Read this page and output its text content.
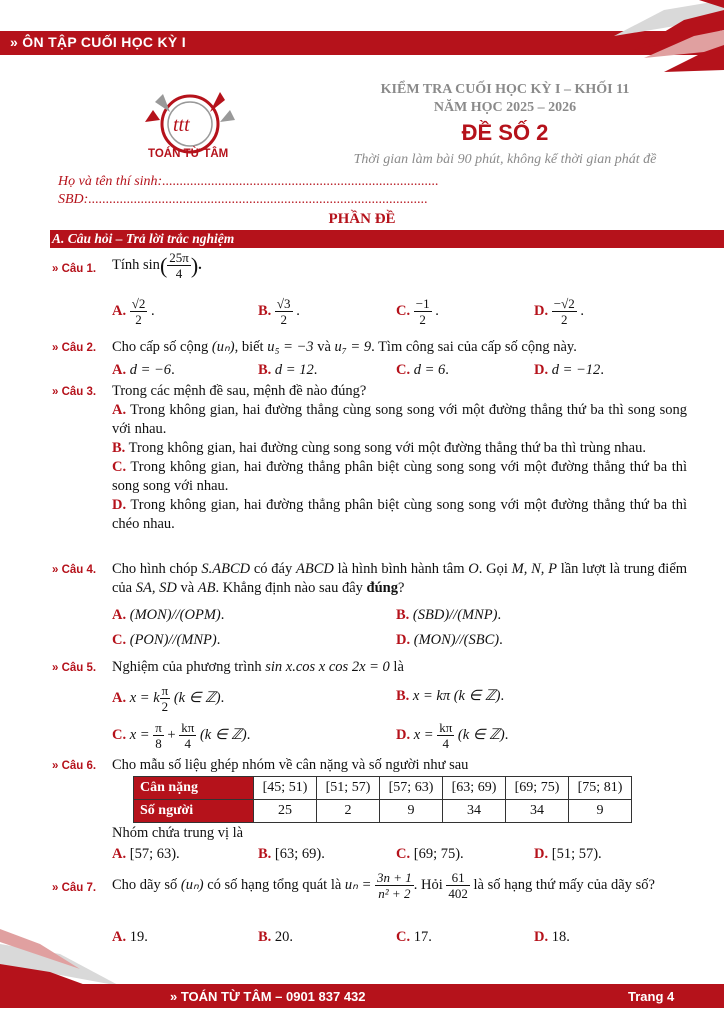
» ÔN TẬP CUỐI HỌC KỲ I
ttt
TOÁN TỪ TÂM
KIỂM TRA CUỐI HỌC KỲ I – KHỐI 11
NĂM HỌC 2025 – 2026
ĐỀ SỐ 2
Thời gian làm bài 90 phút, không kể thời gian phát đề
Họ và tên thí sinh:...............................................................................
SBD:.................................................................................................
PHẦN ĐỀ
A. Câu hỏi – Trả lời trắc nghiệm
» Câu 1. Tính $\sin( \frac{25\pi}{4}$ ).
A. $\frac{√2}{2}$ .	B. $\frac{√3}{2}$ .	C. $\frac{-1}{2}$ .	D. $\frac{-√2}{2}$ .
» Câu 2. Cho cấp số cộng (uₙ), biết u₅ = −3 và u₇ = 9. Tìm công sai của cấp số cộng này.
A. d = −6.	B. d = 12.	C. d = 6.	D. d = −12.
» Câu 3. Trong các mệnh đề sau, mệnh đề nào đúng?
A. Trong không gian, hai đường thẳng cùng song song với một đường thẳng thứ ba thì song song với nhau.
B. Trong không gian, hai đường cùng song song với một đường thẳng thứ ba thì trùng nhau.
C. Trong không gian, hai đường thẳng phân biệt cùng song song với một đường thẳng thứ ba thì song song với nhau.
D. Trong không gian, hai đường thẳng phân biệt cùng song song với một đường thẳng thứ ba thì chéo nhau.
» Câu 4. Cho hình chóp S.ABCD có đáy ABCD là hình bình hành tâm O. Gọi M, N, P lần lượt là trung điểm của SA, SD và AB. Khẳng định nào sau đây đúng?
A. (MON)//(OPM).	B. (SBD)//(MNP).
C. (PON)//(MNP).	D. (MON)//(SBC).
» Câu 5. Nghiệm của phương trình sin x.cos x cos 2x = 0 là
A. x = k $\frac{\pi}{2} (k$ ∈ ℤ).	B. x = kπ (k ∈ ℤ).
C. $x = \frac{\pi}{8} + \frac{k\pi}{4} (k$ ∈ ℤ).	D. $x = \frac{k\pi}{4} (k$ ∈ ℤ).
» Câu 6. Cho mẫu số liệu ghép nhóm về cân nặng và số người như sau
Cân nặng	[45; 51)	[51; 57)	[57; 63)	[63; 69)	[69; 75)	[75; 81)
Số người	25	2	9	34	34	9
Nhóm chứa trung vị là
A. [57; 63).	B. [63; 69).	C. [69; 75).	D. [51; 57).
» Câu 7. Cho dãy số (uₙ) có số hạng tổng quát là $u_n = \frac{3n + 1}{\text{n² + 2}}$ . Hỏi $\frac{61}{402}$ là số hạng thứ mấy của dãy số?
A. 19.	B. 20.	C. 17.	D. 18.
» TOÁN TỪ TÂM – 0901 837 432	Trang 4
